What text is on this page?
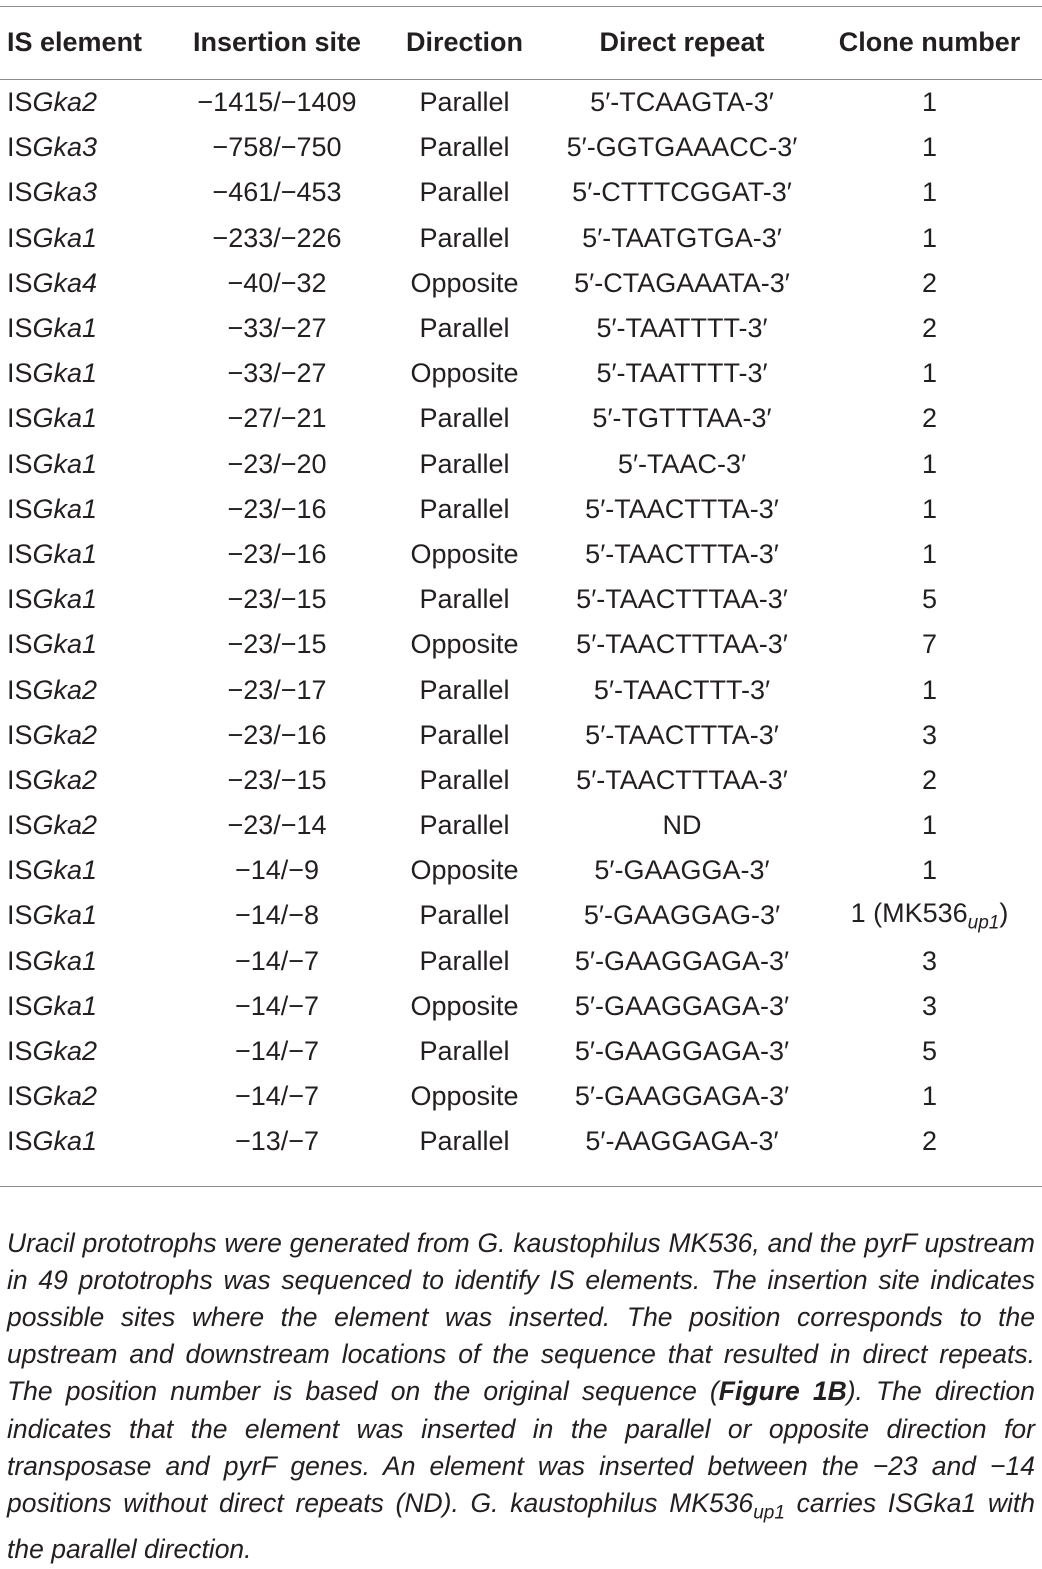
IS element	Insertion site	Direction	Direct repeat	Clone number
ISGka2	−1415/−1409	Parallel	5′-TCAAGTA-3′	1
ISGka3	−758/−750	Parallel	5′-GGTGAAACC-3′	1
ISGka3	−461/−453	Parallel	5′-CTTTCGGAT-3′	1
ISGka1	−233/−226	Parallel	5′-TAATGTGA-3′	1
ISGka4	−40/−32	Opposite	5′-CTAGAAATA-3′	2
ISGka1	−33/−27	Parallel	5′-TAATTTT-3′	2
ISGka1	−33/−27	Opposite	5′-TAATTTT-3′	1
ISGka1	−27/−21	Parallel	5′-TGTTTAA-3′	2
ISGka1	−23/−20	Parallel	5′-TAAC-3′	1
ISGka1	−23/−16	Parallel	5′-TAACTTTA-3′	1
ISGka1	−23/−16	Opposite	5′-TAACTTTA-3′	1
ISGka1	−23/−15	Parallel	5′-TAACTTTAA-3′	5
ISGka1	−23/−15	Opposite	5′-TAACTTTAA-3′	7
ISGka2	−23/−17	Parallel	5′-TAACTTT-3′	1
ISGka2	−23/−16	Parallel	5′-TAACTTTA-3′	3
ISGka2	−23/−15	Parallel	5′-TAACTTTAA-3′	2
ISGka2	−23/−14	Parallel	ND	1
ISGka1	−14/−9	Opposite	5′-GAAGGA-3′	1
ISGka1	−14/−8	Parallel	5′-GAAGGAG-3′	1 $(MK536_{up1})$
ISGka1	−14/−7	Parallel	5′-GAAGGAGA-3′	3
ISGka1	−14/−7	Opposite	5′-GAAGGAGA-3′	3
ISGka2	−14/−7	Parallel	5′-GAAGGAGA-3′	5
ISGka2	−14/−7	Opposite	5′-GAAGGAGA-3′	1
ISGka1	−13/−7	Parallel	5′-AAGGAGA-3′	2

Uracil prototrophs were generated from G. kaustophilus MK536, and the pyrF upstream in 49 prototrophs was sequenced to identify IS elements. The insertion site indicates possible sites where the element was inserted. The position corresponds to the upstream and downstream locations of the sequence that resulted in direct repeats. The position number is based on the original sequence (Figure 1B). The direction indicates that the element was inserted in the parallel or opposite direction for transposase and pyrF genes. An element was inserted between the −23 and −14 positions without direct repeats (ND). G. kaustophilus $MK536_{up1}$ carries ISGka1 with the parallel direction.
